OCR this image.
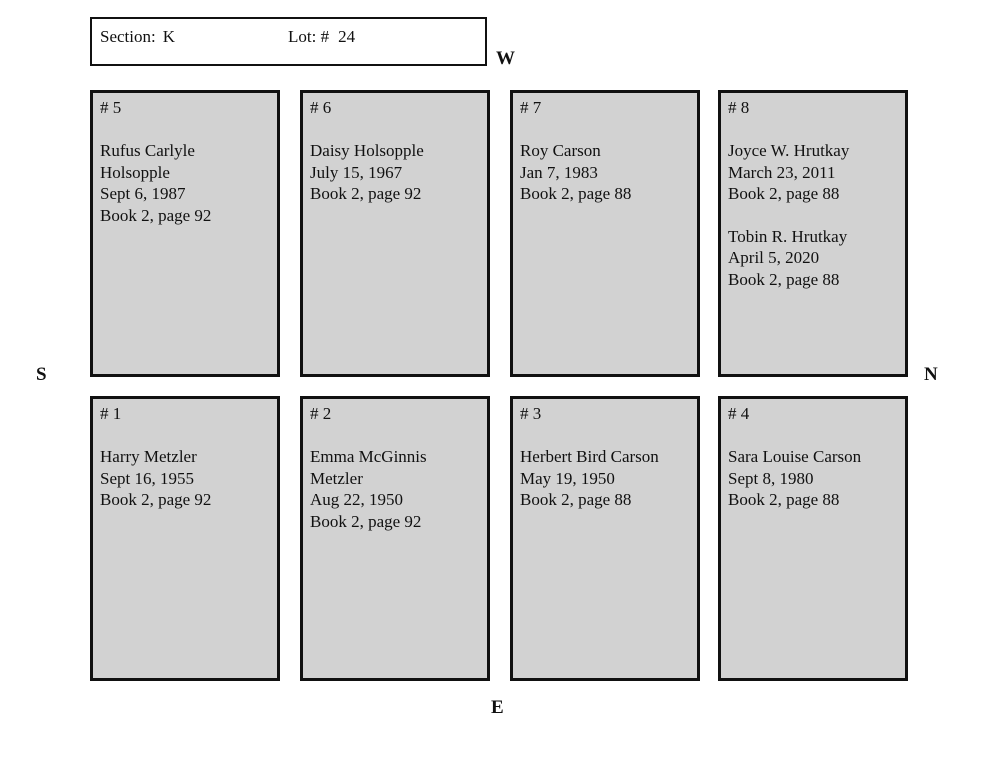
Section: K	Lot: # 24
W
S	N
E
# 5
Rufus Carlyle
Holsopple
Sept 6, 1987
Book 2, page 92
# 6
Daisy Holsopple
July 15, 1967
Book 2, page 92
# 7
Roy Carson
Jan 7, 1983
Book 2, page 88
# 8
Joyce W. Hrutkay
March 23, 2011
Book 2, page 88
Tobin R. Hrutkay
April 5, 2020
Book 2, page 88
# 1
Harry Metzler
Sept 16, 1955
Book 2, page 92
# 2
Emma McGinnis
Metzler
Aug 22, 1950
Book 2, page 92
# 3
Herbert Bird Carson
May 19, 1950
Book 2, page 88
# 4
Sara Louise Carson
Sept 8, 1980
Book 2, page 88
